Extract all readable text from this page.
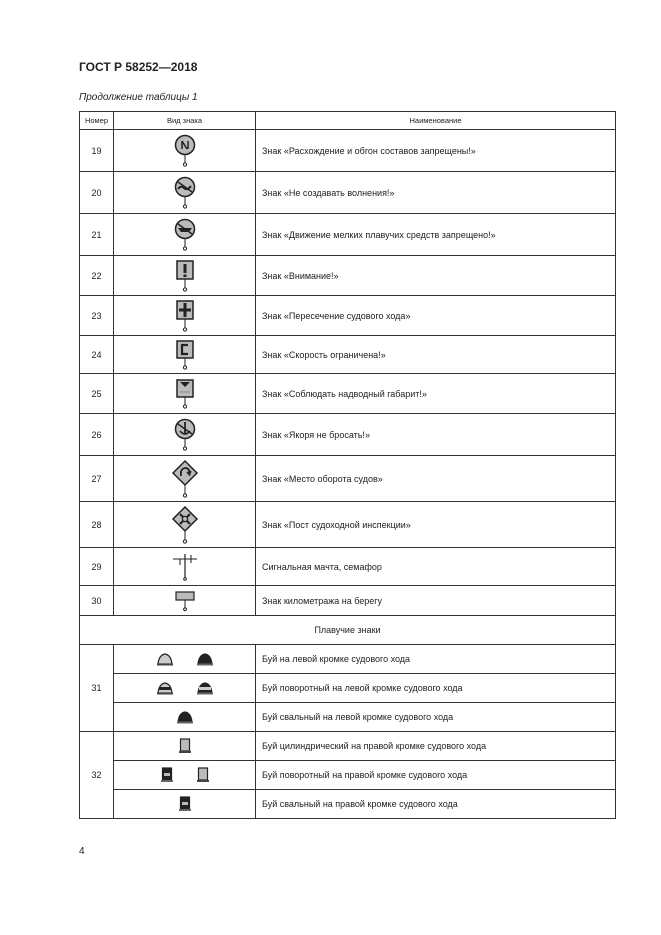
ГОСТ Р 58252—2018
Продолжение таблицы 1
Номер	Вид знака	Наименование
19		Знак «Расхождение и обгон составов запрещены!»
20		Знак «Не создавать волнения!»
21		Знак «Движение мелких плавучих средств запрещено!»
22		Знак «Внимание!»
23		Знак «Пересечение судового хода»
24		Знак «Скорость ограничена!»
25		Знак «Соблюдать надводный габарит!»
26		Знак «Якоря не бросать!»
27		Знак «Место оборота судов»
28		Знак «Пост судоходной инспекции»
29		Сигнальная мачта, семафор
30		Знак километража на берегу
Плавучие знаки		
31		Буй на левой кромке судового хода

	Буй поворотный на левой кромке судового хода

	Буй свальный на левой кромке судового хода
32		Буй цилиндрический на правой кромке судового хода

	Буй поворотный на правой кромке судового хода

	Буй свальный на правой кромке судового хода
4
